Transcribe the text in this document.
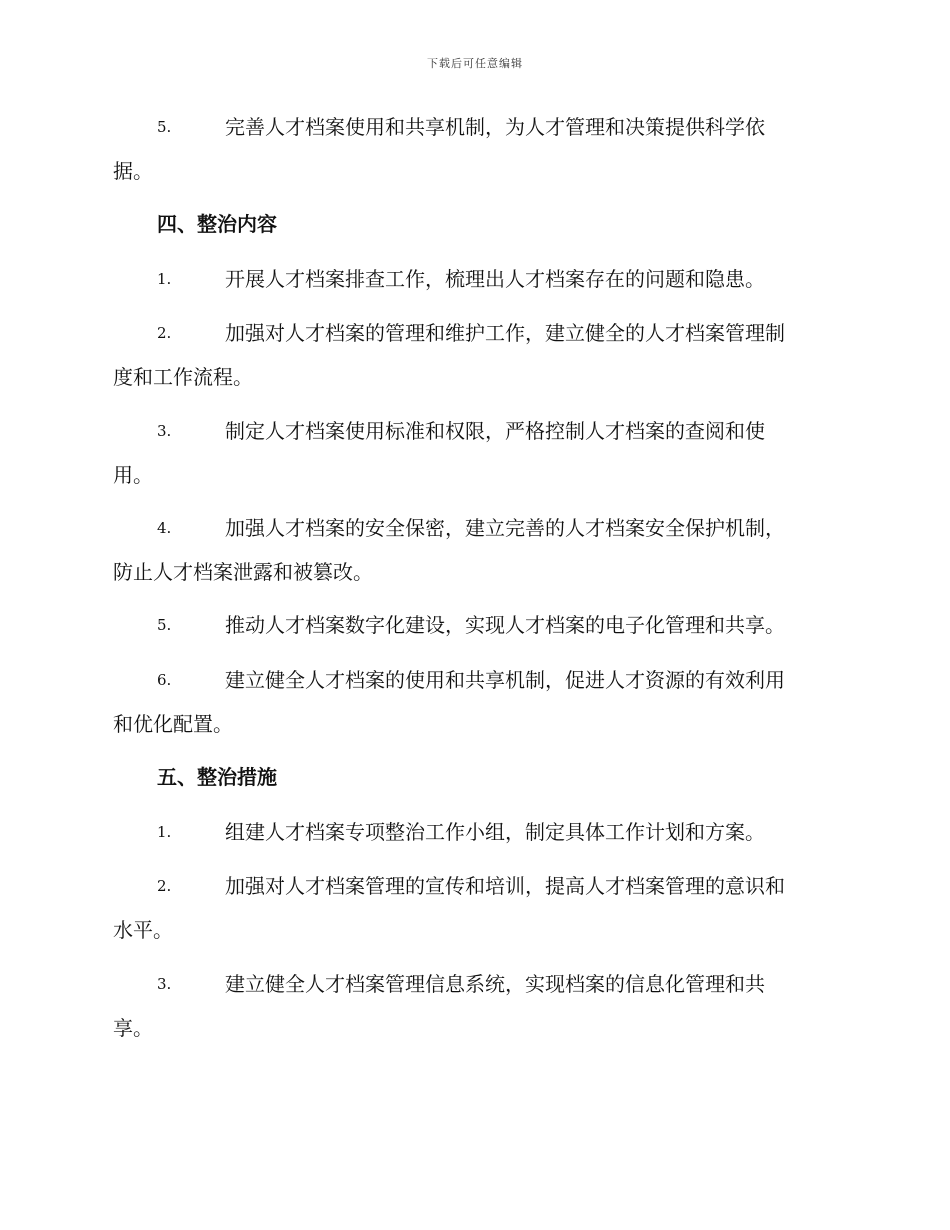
下载后可任意编辑
5.	完善人才档案使用和共享机制，为人才管理和决策提供科学依
据。
四、整治内容
1.	开展人才档案排查工作，梳理出人才档案存在的问题和隐患。
2.	加强对人才档案的管理和维护工作，建立健全的人才档案管理制
度和工作流程。
3.	制定人才档案使用标准和权限，严格控制人才档案的查阅和使
用。
4.	加强人才档案的安全保密，建立完善的人才档案安全保护机制，
防止人才档案泄露和被篡改。
5.	推动人才档案数字化建设，实现人才档案的电子化管理和共享。
6.	建立健全人才档案的使用和共享机制，促进人才资源的有效利用
和优化配置。
五、整治措施
1.	组建人才档案专项整治工作小组，制定具体工作计划和方案。
2.	加强对人才档案管理的宣传和培训，提高人才档案管理的意识和
水平。
3.	建立健全人才档案管理信息系统，实现档案的信息化管理和共
享。
